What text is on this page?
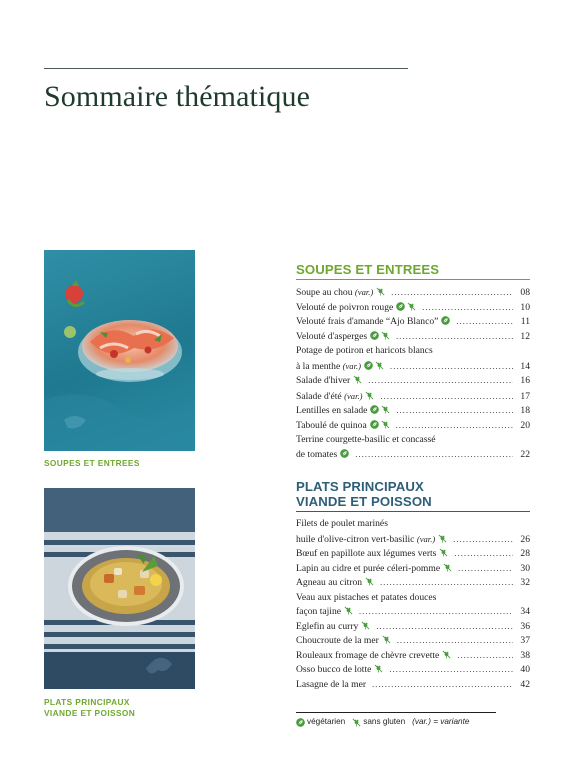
Sommaire thématique
SOUPES ET ENTREES
PLATS PRINCIPAUX
VIANDE ET POISSON
SOUPES ET ENTREES
Soupe au chou
(var.) .....	08
Velouté de poivron rouge .....	10
Velouté frais d'amande “Ajo Blanco” .....	11
Velouté d'asperges .....	12
Potage de potiron et haricots blancs
à la menthe
(var.) .....	14
Salade d'hiver .....	16
Salade d'été
(var.) .....	17
Lentilles en salade .....	18
Taboulé de quinoa .....	20
Terrine courgette-basilic et concassé
de tomates .....	22
PLATS PRINCIPAUX
VIANDE ET POISSON
Filets de poulet marinés
huile d'olive-citron vert-basilic
(var.) .....	26
Bœuf en papillote aux légumes verts .....	28
Lapin au cidre et purée céleri-pomme .....	30
Agneau au citron .....	32
Veau aux pistaches et patates douces
façon tajine .....	34
Eglefin au curry .....	36
Choucroute de la mer .....	37
Rouleaux fromage de chèvre crevette .....	38
Osso bucco de lotte .....	40
Lasagne de la mer .....	42
végétarien sans gluten (var.) = variante
